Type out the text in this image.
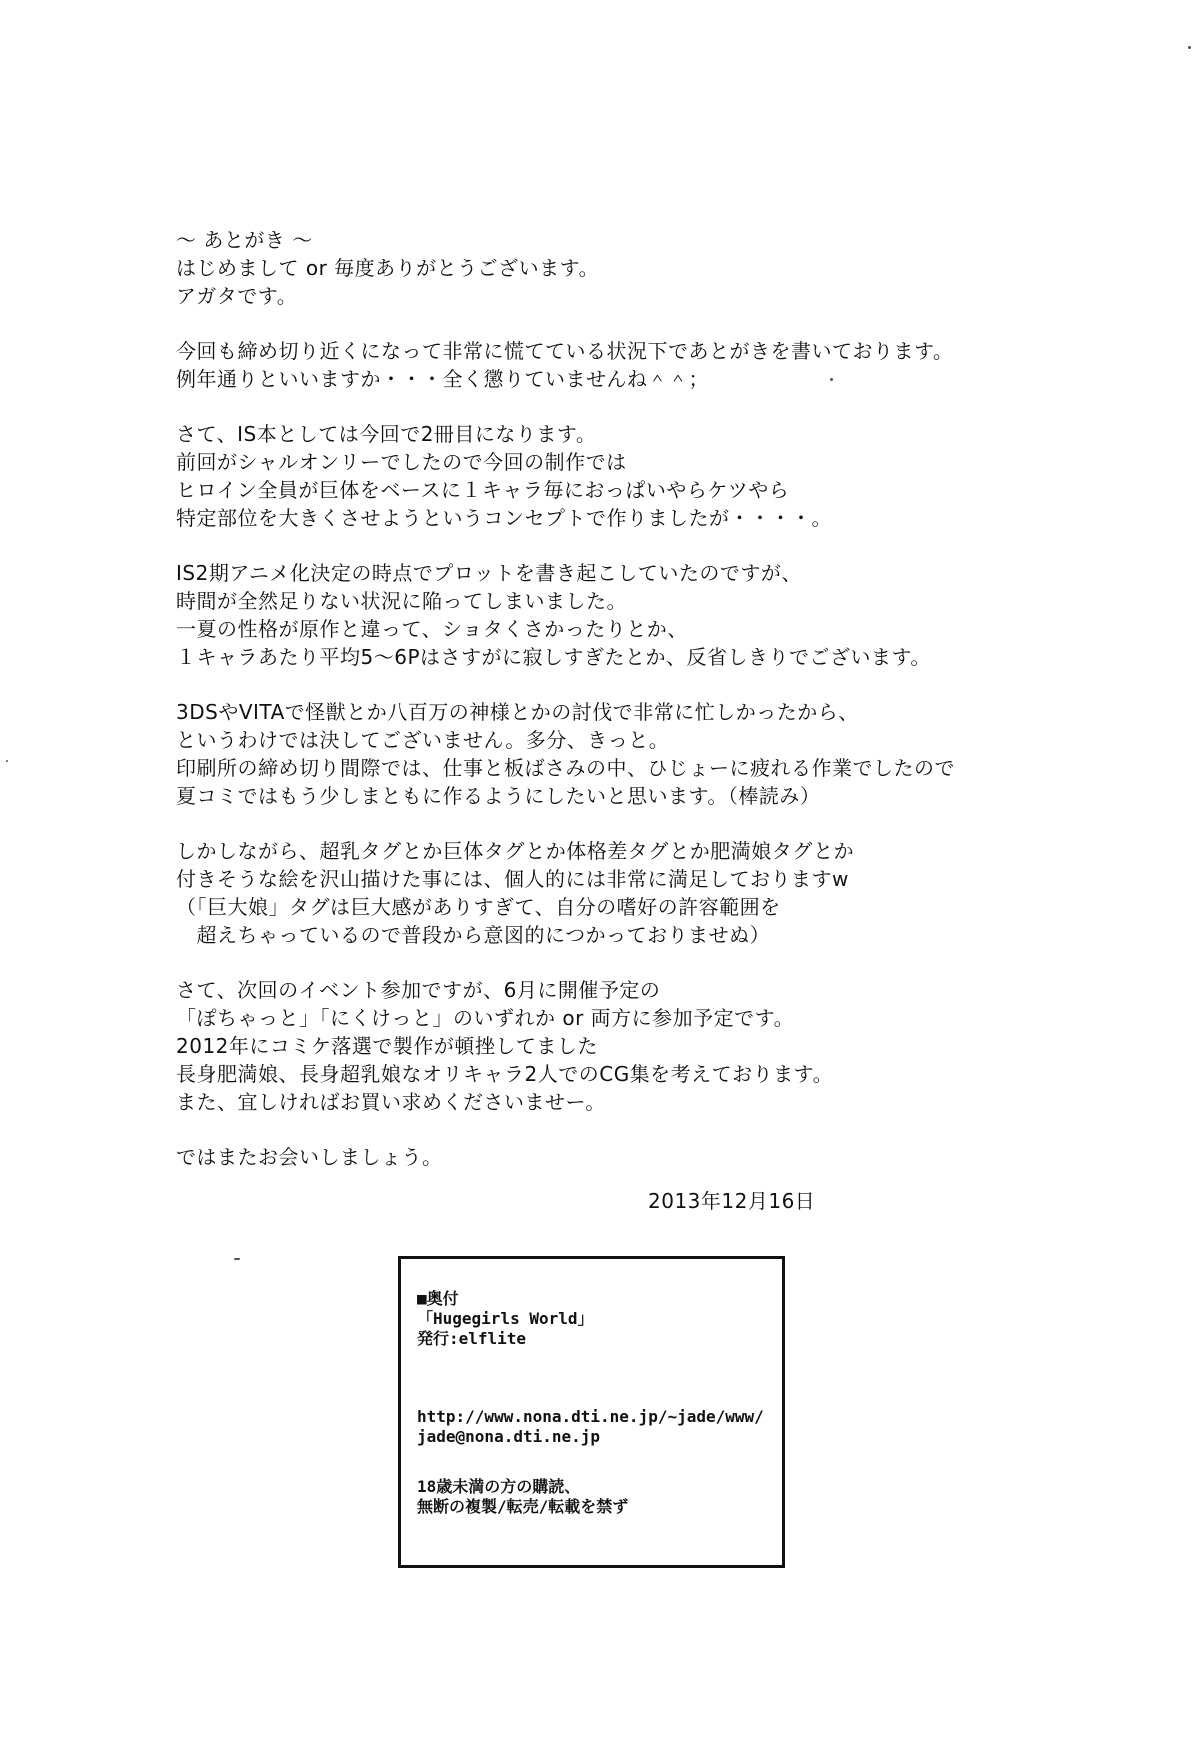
～ あとがき ～
はじめまして or 毎度ありがとうございます。
アガタです。

今回も締め切り近くになって非常に慌てている状況下であとがきを書いております。
例年通りといいますか・・・全く懲りていませんね＾＾；

さて、IS本としては今回で2冊目になります。
前回がシャルオンリーでしたので今回の制作では
ヒロイン全員が巨体をベースに１キャラ毎におっぱいやらケツやら
特定部位を大きくさせようというコンセプトで作りましたが・・・・。

IS2期アニメ化決定の時点でプロットを書き起こしていたのですが、
時間が全然足りない状況に陥ってしまいました。
一夏の性格が原作と違って、ショタくさかったりとか、
１キャラあたり平均5～6Pはさすがに寂しすぎたとか、反省しきりでございます。

3DSやVITAで怪獣とか八百万の神様とかの討伐で非常に忙しかったから、
というわけでは決してございません。多分、きっと。
印刷所の締め切り間際では、仕事と板ばさみの中、ひじょーに疲れる作業でしたので
夏コミではもう少しまともに作るようにしたいと思います。（棒読み）

しかしながら、超乳タグとか巨体タグとか体格差タグとか肥満娘タグとか
付きそうな絵を沢山描けた事には、個人的には非常に満足しておりますw
（「巨大娘」タグは巨大感がありすぎて、自分の嗜好の許容範囲を
　超えちゃっているので普段から意図的につかっておりませぬ）

さて、次回のイベント参加ですが、6月に開催予定の
「ぽちゃっと」「にくけっと」のいずれか or 両方に参加予定です。
2012年にコミケ落選で製作が頓挫してました
長身肥満娘、長身超乳娘なオリキャラ2人でのCG集を考えております。
また、宜しければお買い求めくださいませー。

ではまたお会いしましょう。

2013年12月16日
■奥付
「Hugegirls World」
発行:elflite
http://www.nona.dti.ne.jp/~jade/www/
jade@nona.dti.ne.jp
18歳未満の方の購読、
無断の複製/転売/転載を禁ず
